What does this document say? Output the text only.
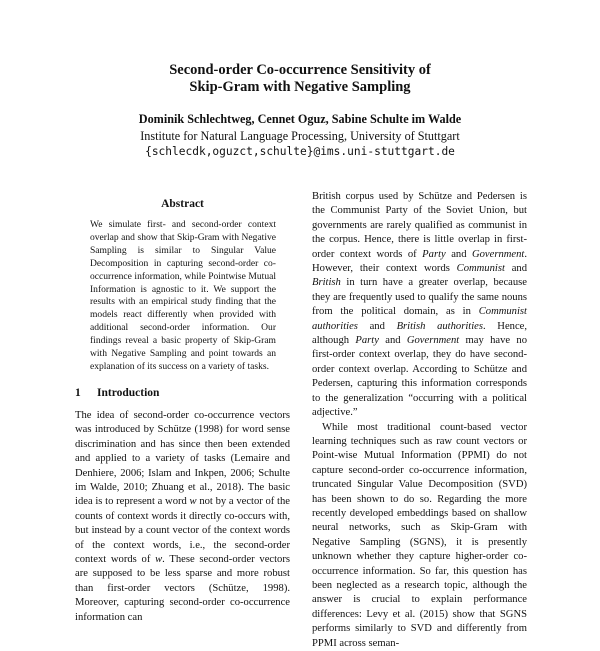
Second-order Co-occurrence Sensitivity of
Skip-Gram with Negative Sampling
Dominik Schlechtweg, Cennet Oguz, Sabine Schulte im Walde
Institute for Natural Language Processing, University of Stuttgart
{schlecdk,oguzct,schulte}@ims.uni-stuttgart.de
Abstract
We simulate first- and second-order context overlap and show that Skip-Gram with Negative Sampling is similar to Singular Value Decomposition in capturing second-order co-occurrence information, while Pointwise Mutual Information is agnostic to it. We support the results with an empirical study finding that the models react differently when provided with additional second-order information. Our findings reveal a basic property of Skip-Gram with Negative Sampling and point towards an explanation of its success on a variety of tasks.
1 Introduction

The idea of second-order co-occurrence vectors was introduced by Schütze (1998) for word sense discrimination and has since then been extended and applied to a variety of tasks (Lemaire and Denhiere, 2006; Islam and Inkpen, 2006; Schulte im Walde, 2010; Zhuang et al., 2018). The basic idea is to represent a word w not by a vector of the counts of context words it directly co-occurs with, but instead by a count vector of the context words of the context words, i.e., the second-order context words of w. These second-order vectors are supposed to be less sparse and more robust than first-order vectors (Schütze, 1998). Moreover, capturing second-order co-occurrence information can

British corpus used by Schütze and Pedersen is the Communist Party of the Soviet Union, but governments are rarely qualified as communist in the corpus. Hence, there is little overlap in first-order context words of Party and Government. However, their context words Communist and British in turn have a greater overlap, because they are frequently used to qualify the same nouns from the political domain, as in Communist authorities and British authorities. Hence, although Party and Government may have no first-order context overlap, they do have second-order context overlap. According to Schütze and Pedersen, capturing this information corresponds to the generalization “occurring with a political adjective.”

While most traditional count-based vector learning techniques such as raw count vectors or Point-wise Mutual Information (PPMI) do not capture second-order co-occurrence information, truncated Singular Value Decomposition (SVD) has been shown to do so. Regarding the more recently developed embeddings based on shallow neural networks, such as Skip-Gram with Negative Sampling (SGNS), it is presently unknown whether they capture higher-order co-occurrence information. So far, this question has been neglected as a research topic, although the answer is crucial to explain performance differences: Levy et al. (2015) show that SGNS performs similarly to SVD and differently from PPMI across seman-
